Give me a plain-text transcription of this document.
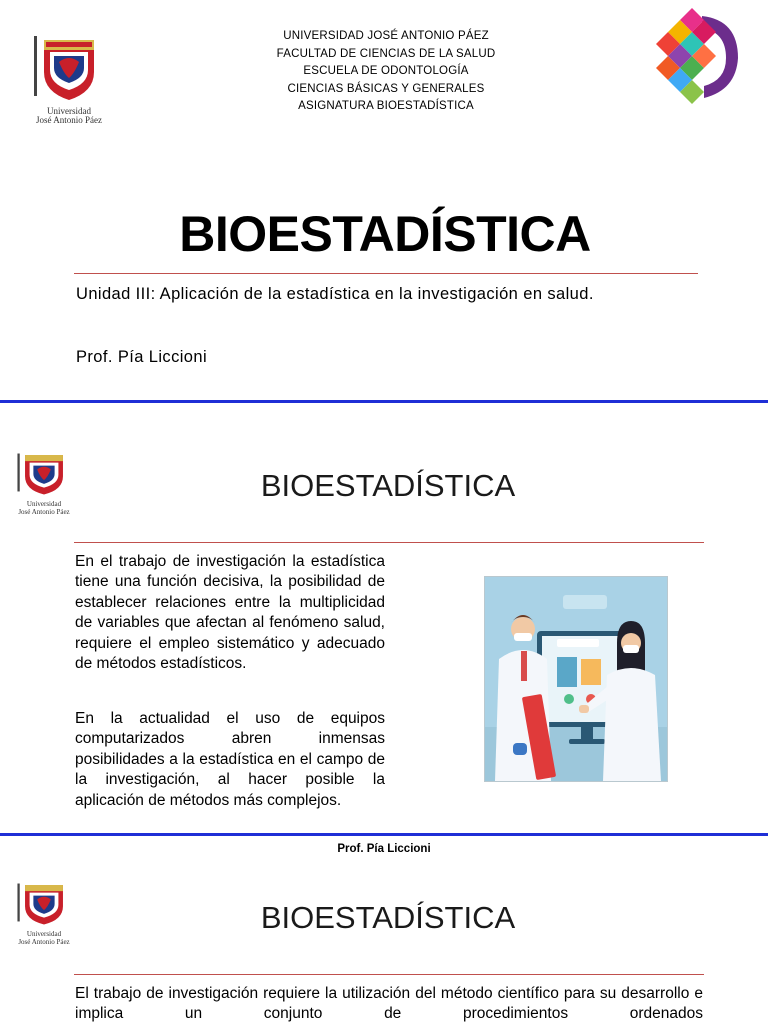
Universidad
José Antonio Páez
UNIVERSIDAD JOSÉ ANTONIO PÁEZ
FACULTAD DE CIENCIAS DE LA SALUD
ESCUELA DE ODONTOLOGÍA
CIENCIAS BÁSICAS Y GENERALES
ASIGNATURA BIOESTADÍSTICA
BIOESTADÍSTICA
Unidad III: Aplicación de la estadística en la investigación en salud.
Prof. Pía Liccioni
Universidad
José Antonio Páez
BIOESTADÍSTICA
En el trabajo de investigación la estadística tiene una función decisiva, la posibilidad de establecer relaciones entre la multiplicidad de variables que afectan al fenómeno salud, requiere el empleo sistemático y adecuado de métodos estadísticos.
En la actualidad el uso de equipos computarizados abren inmensas posibilidades a la estadística en el campo de la investigación, al hacer posible la aplicación de métodos más complejos.
Prof. Pía Liccioni
Universidad
José Antonio Páez
BIOESTADÍSTICA
El trabajo de investigación requiere la utilización del método científico para su desarrollo e implica un conjunto de procedimientos ordenados
